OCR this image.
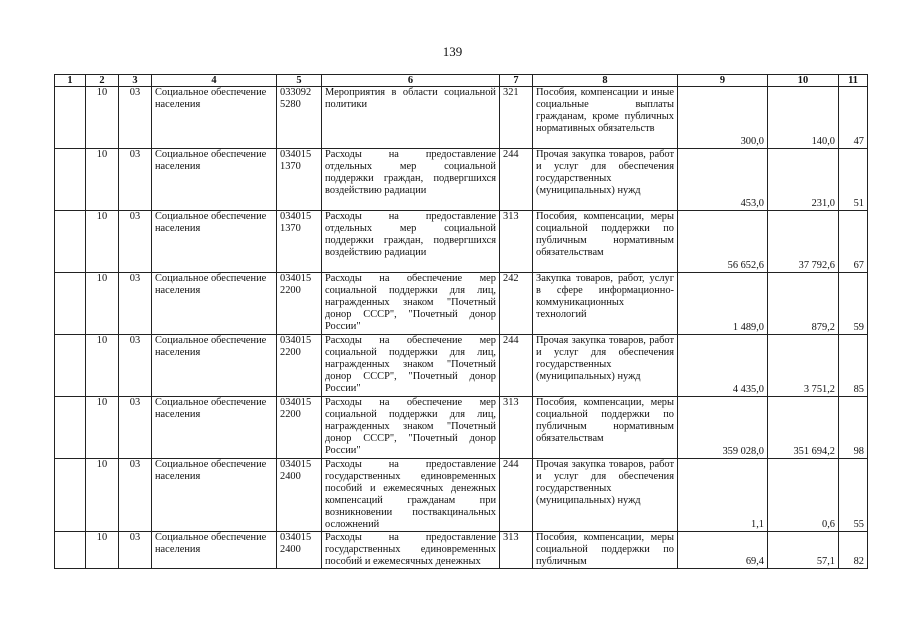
139
1	2	3	4	5	6	7	8	9	10	11
	10	03	Социальное обеспечение населения	033092 5280	Мероприятия в области социальной политики	321	Пособия, компенсации и иные социальные выплаты гражданам, кроме публичных нормативных обязательств	300,0	140,0	47
	10	03	Социальное обеспечение населения	034015 1370	Расходы на предоставление отдельных мер социальной поддержки граждан, подвергшихся воздействию радиации	244	Прочая закупка товаров, работ и услуг для обеспечения государственных (муниципальных) нужд	453,0	231,0	51
	10	03	Социальное обеспечение населения	034015 1370	Расходы на предоставление отдельных мер социальной поддержки граждан, подвергшихся воздействию радиации	313	Пособия, компенсации, меры социальной поддержки по публичным нормативным обязательствам	56 652,6	37 792,6	67
	10	03	Социальное обеспечение населения	034015 2200	Расходы на обеспечение мер социальной поддержки для лиц, награжденных знаком "Почетный донор СССР", "Почетный донор России"	242	Закупка товаров, работ, услуг в сфере информационно-коммуникационных технологий	1 489,0	879,2	59
	10	03	Социальное обеспечение населения	034015 2200	Расходы на обеспечение мер социальной поддержки для лиц, награжденных знаком "Почетный донор СССР", "Почетный донор России"	244	Прочая закупка товаров, работ и услуг для обеспечения государственных (муниципальных) нужд	4 435,0	3 751,2	85
	10	03	Социальное обеспечение населения	034015 2200	Расходы на обеспечение мер социальной поддержки для лиц, награжденных знаком "Почетный донор СССР", "Почетный донор России"	313	Пособия, компенсации, меры социальной поддержки по публичным нормативным обязательствам	359 028,0	351 694,2	98
	10	03	Социальное обеспечение населения	034015 2400	Расходы на предоставление государственных единовременных пособий и ежемесячных денежных компенсаций гражданам при возникновении поствакцинальных осложнений	244	Прочая закупка товаров, работ и услуг для обеспечения государственных (муниципальных) нужд	1,1	0,6	55
	10	03	Социальное обеспечение населения	034015 2400	Расходы на предоставление государственных единовременных пособий и ежемесячных денежных	313	Пособия, компенсации, меры социальной поддержки по публичным	69,4	57,1	82
